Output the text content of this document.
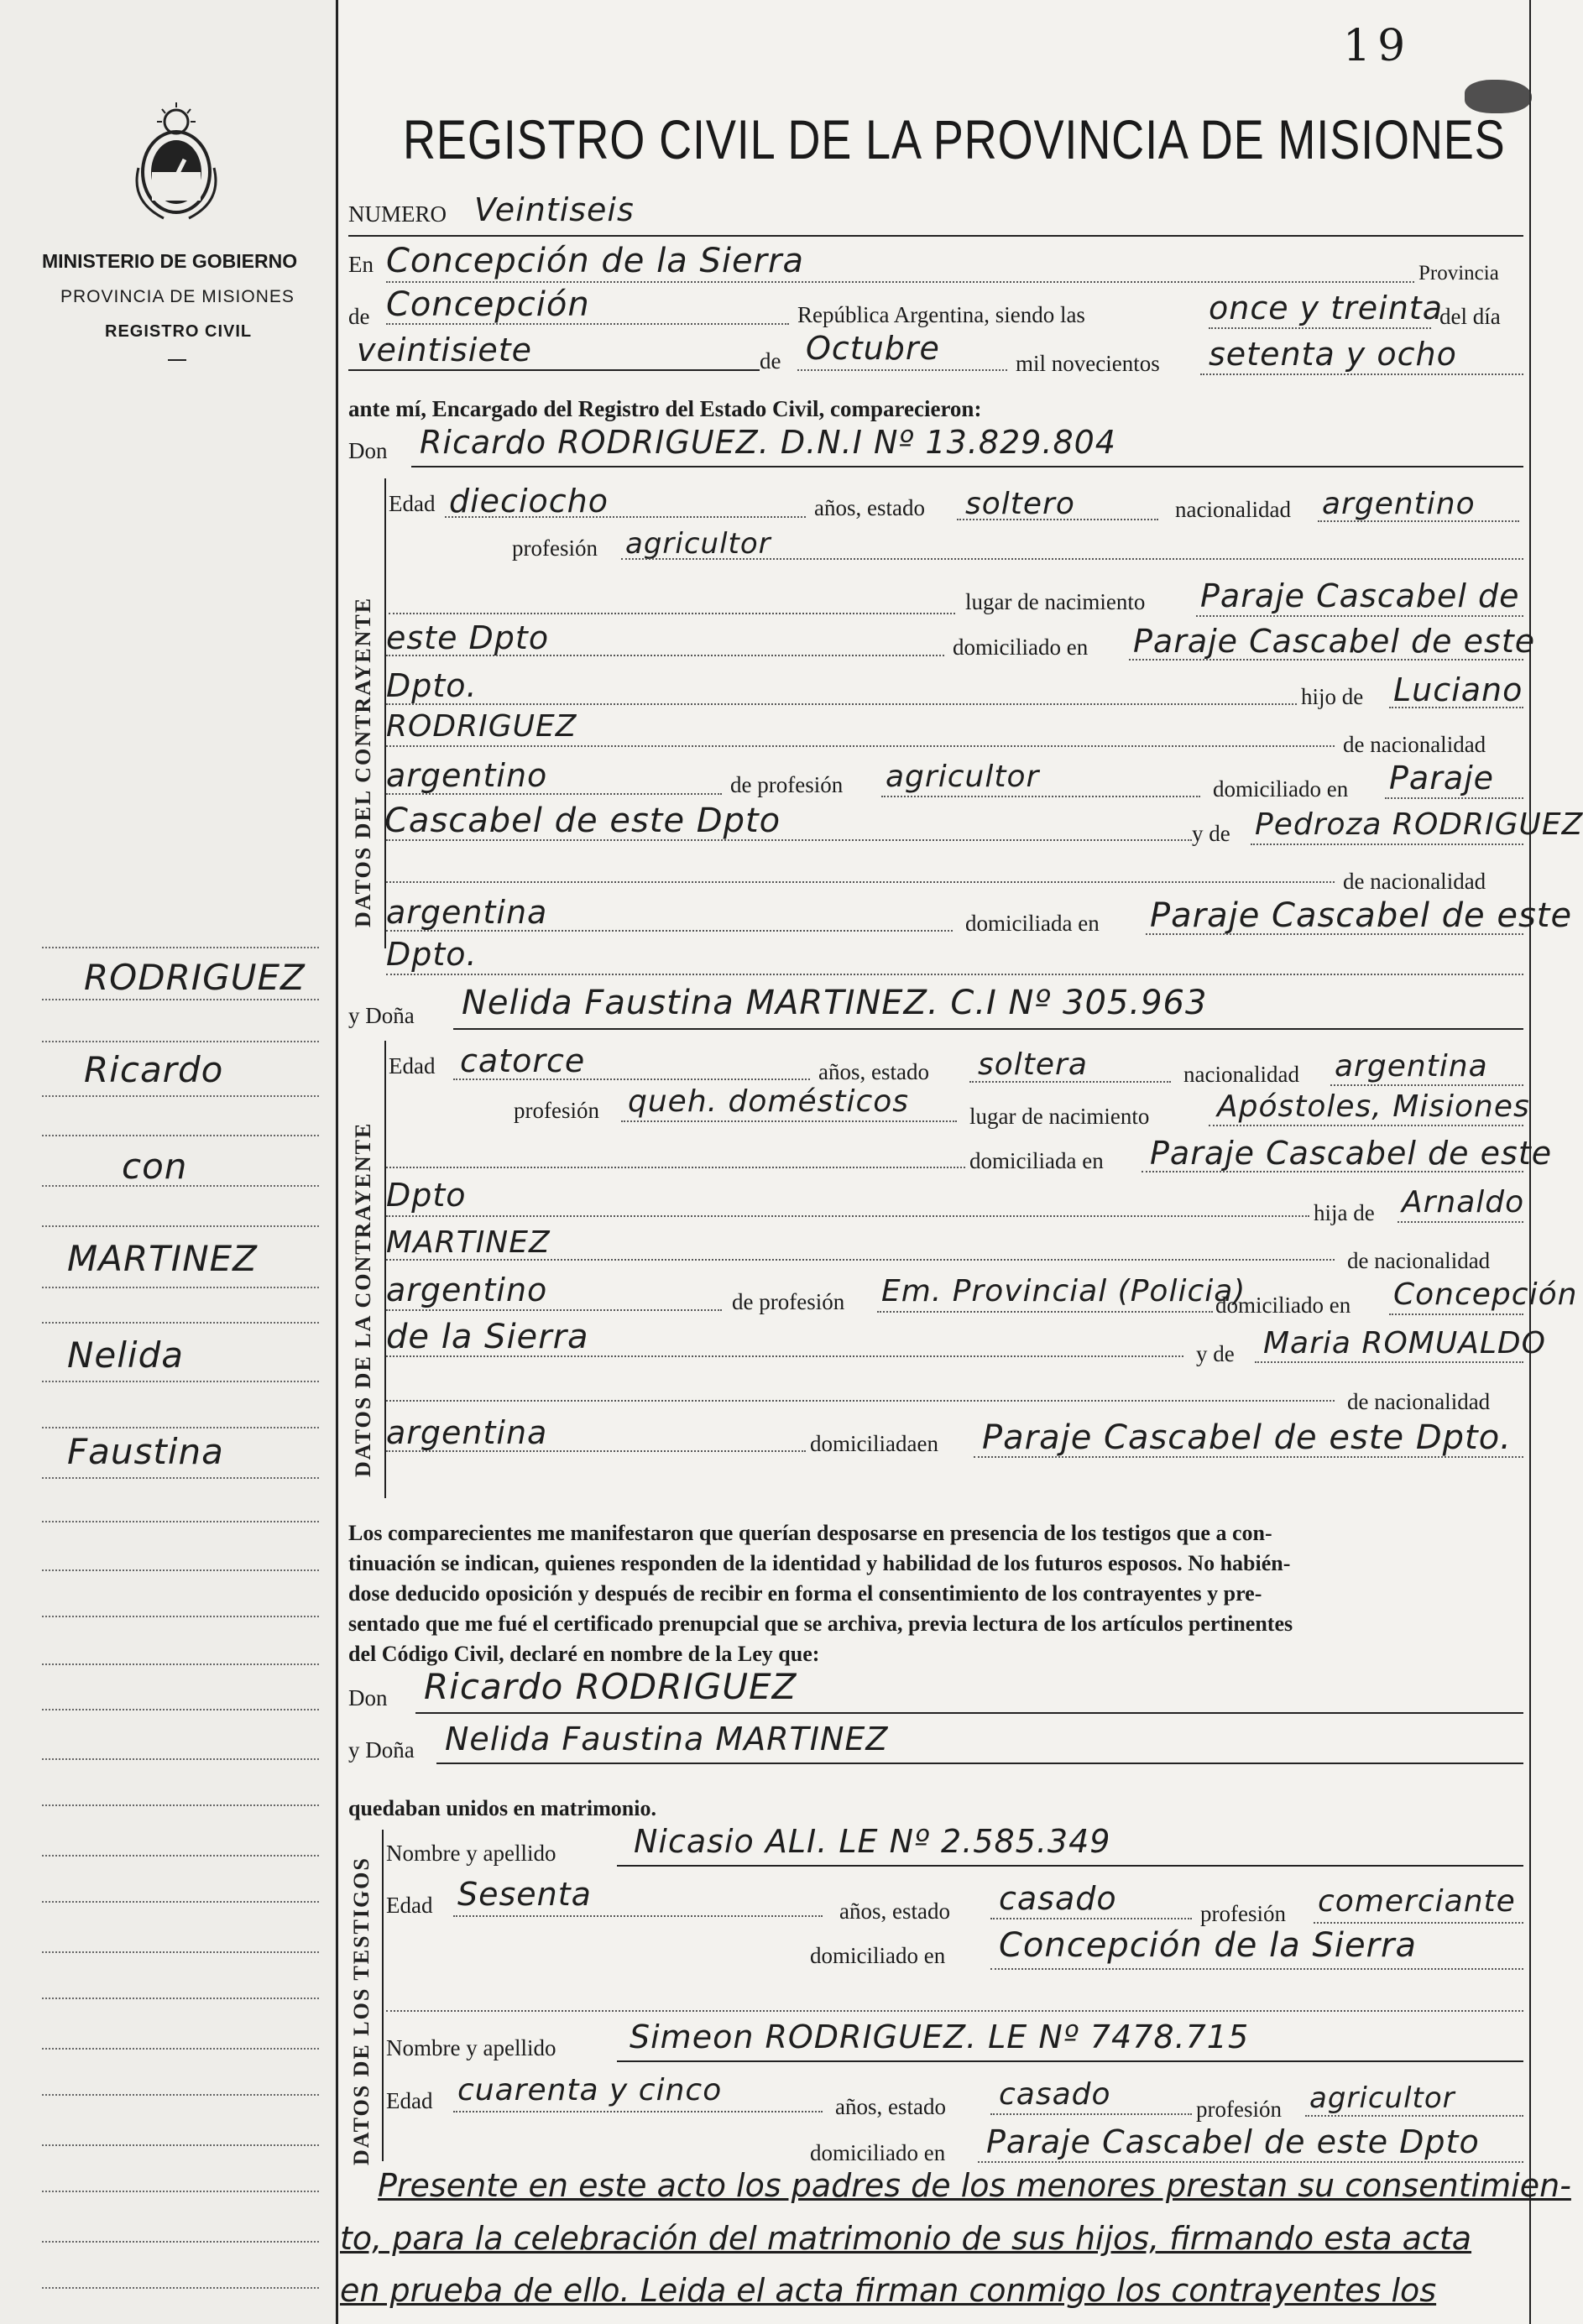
MINISTERIO DE GOBIERNO
PROVINCIA DE MISIONES
REGISTRO CIVIL
RODRIGUEZ
Ricardo
con
MARTINEZ
Nelida
Faustina
19
REGISTRO CIVIL DE LA PROVINCIA DE MISIONES
NUMERO Veintiseis
En Concepción de la Sierra	Provincia
de Concepción	República Argentina, siendo las	once y treinta
del día
veintisiete	de Octubre	mil novecientos setenta y ocho
ante mí, Encargado del Registro del Estado Civil, comparecieron:
Don Ricardo RODRIGUEZ. D.N.I Nº 13.829.804
DATOS DEL CONTRAYENTE
Edad dieciocho	años, estado soltero	nacionalidad argentino
profesión agricultor
lugar de nacimiento Paraje Cascabel de
este Dpto	domiciliado en Paraje Cascabel de este
Dpto.	hijo de Luciano
RODRIGUEZ
de nacionalidad
argentino	de profesión agricultor	domiciliado en Paraje
Cascabel de este Dpto	y de Pedroza RODRIGUEZ
de nacionalidad
argentina	domiciliada en Paraje Cascabel de este
Dpto.
y Doña Nelida Faustina MARTINEZ. C.I Nº 305.963
DATOS DE LA CONTRAYENTE
Edad catorce	años, estado soltera	nacionalidad argentina
profesión queh. domésticos	lugar de nacimiento Apóstoles, Misiones
domiciliada en Paraje Cascabel de este
Dpto	hija de Arnaldo
MARTINEZ
de nacionalidad
argentino	de profesión Em. Provincial (Policia)
domiciliado en Concepción
de la Sierra	y de Maria ROMUALDO
de nacionalidad
argentina	domiciliadaen Paraje Cascabel de este Dpto.
Los comparecientes me manifestaron que querían desposarse en presencia de los testigos que a con-
tinuación se indican, quienes responden de la identidad y habilidad de los futuros esposos. No habién-
dose deducido oposición y después de recibir en forma el consentimiento de los contrayentes y pre-
sentado que me fué el certificado prenupcial que se archiva, previa lectura de los artículos pertinentes
del Código Civil, declaré en nombre de la Ley que:
Don Ricardo RODRIGUEZ
y Doña Nelida Faustina MARTINEZ
quedaban unidos en matrimonio.
DATOS DE LOS TESTIGOS
Nombre y apellido Nicasio ALI. LE Nº 2.585.349
Edad Sesenta	años, estado casado	profesión comerciante
domiciliado en Concepción de la Sierra
Nombre y apellido Simeon RODRIGUEZ. LE Nº 7478.715
Edad cuarenta y cinco	años, estado casado	profesión agricultor
domiciliado en Paraje Cascabel de este Dpto
Presente en este acto los padres de los menores prestan su consentimien-
to, para la celebración del matrimonio de sus hijos, firmando esta acta
en prueba de ello. Leida el acta firman conmigo los contrayentes los
